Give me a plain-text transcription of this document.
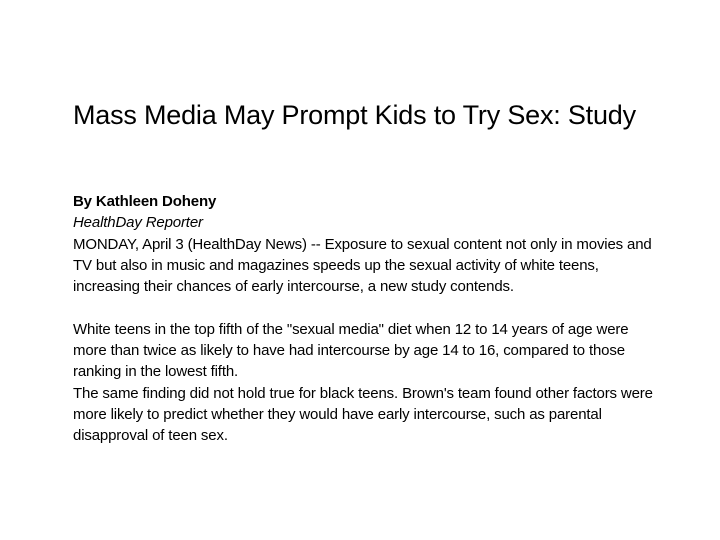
Mass Media May Prompt Kids to Try Sex: Study

By Kathleen Doheny

HealthDay Reporter

MONDAY, April 3 (HealthDay News) -- Exposure to sexual content not only in movies and TV but also in music and magazines speeds up the sexual activity of white teens, increasing their chances of early intercourse, a new study contends.

White teens in the top fifth of the "sexual media" diet when 12 to 14 years of age were more than twice as likely to have had intercourse by age 14 to 16, compared to those ranking in the lowest fifth.

The same finding did not hold true for black teens. Brown's team found other factors were more likely to predict whether they would have early intercourse, such as parental disapproval of teen sex.
